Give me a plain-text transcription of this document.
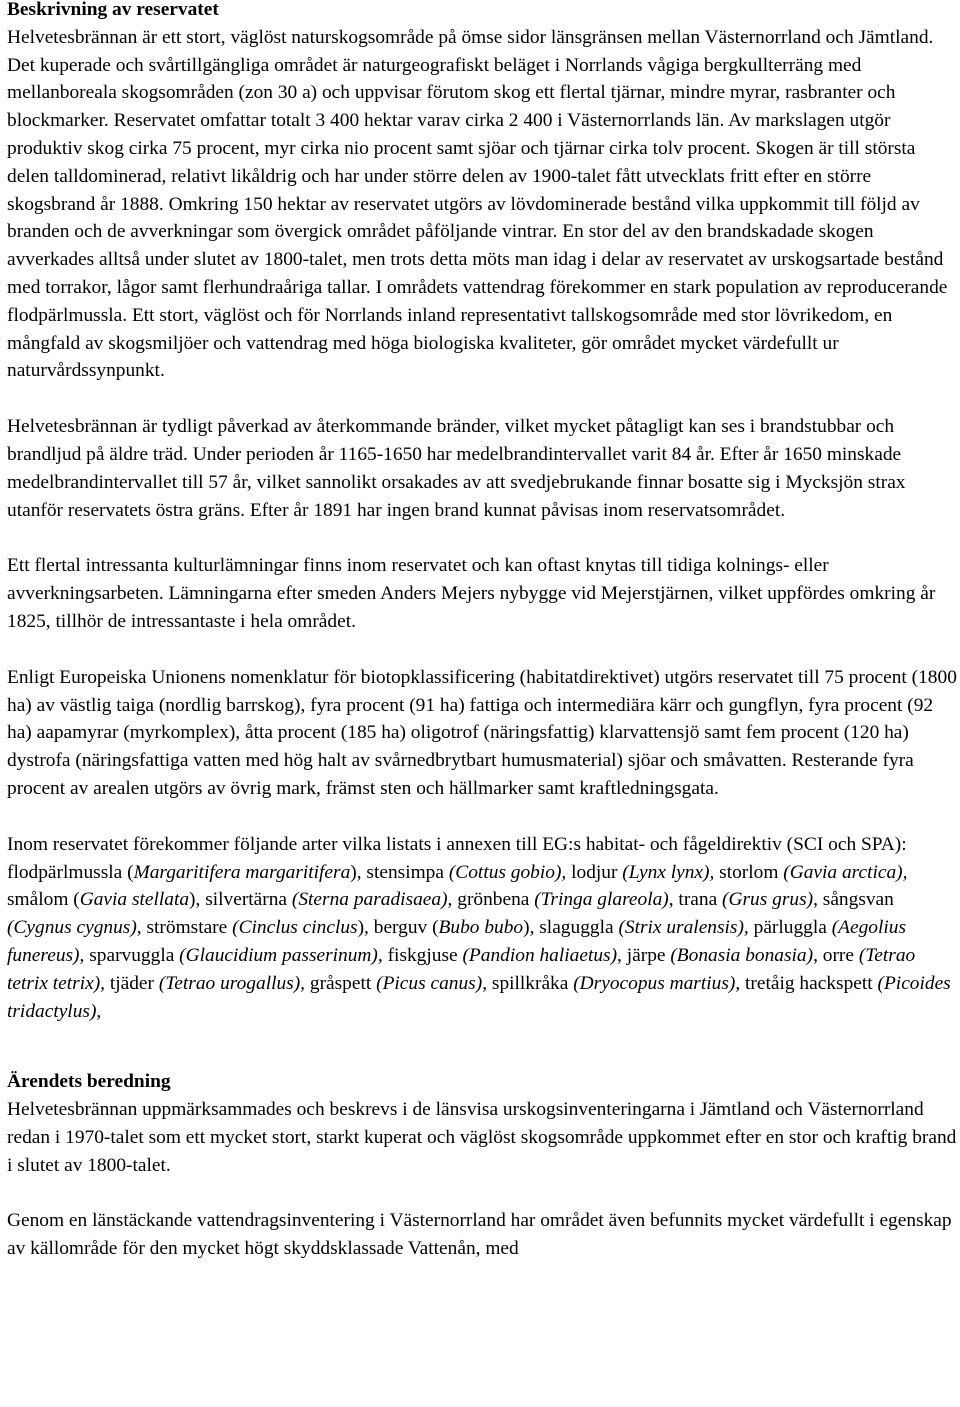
Beskrivning av reservatet

Helvetesbrännan är ett stort, väglöst naturskogsområde på ömse sidor länsgränsen mellan Västernorrland och Jämtland. Det kuperade och svårtillgängliga området är naturgeografiskt beläget i Norrlands vågiga bergkullterräng med mellanboreala skogsområden (zon 30 a) och uppvisar förutom skog ett flertal tjärnar, mindre myrar, rasbranter och blockmarker. Reservatet omfattar totalt 3 400 hektar varav cirka 2 400 i Västernorrlands län. Av markslagen utgör produktiv skog cirka 75 procent, myr cirka nio procent samt sjöar och tjärnar cirka tolv procent. Skogen är till största delen talldominerad, relativt likåldrig och har under större delen av 1900-talet fått utvecklats fritt efter en större skogsbrand år 1888. Omkring 150 hektar av reservatet utgörs av lövdominerade bestånd vilka uppkommit till följd av branden och de avverkningar som övergick området påföljande vintrar. En stor del av den brandskadade skogen avverkades alltså under slutet av 1800-talet, men trots detta möts man idag i delar av reservatet av urskogsartade bestånd med torrakor, lågor samt flerhundraåriga tallar. I områdets vattendrag förekommer en stark population av reproducerande flodpärlmussla. Ett stort, väglöst och för Norrlands inland representativt tallskogsområde med stor lövrikedom, en mångfald av skogsmiljöer och vattendrag med höga biologiska kvaliteter, gör området mycket värdefullt ur naturvårdssynpunkt.

Helvetesbrännan är tydligt påverkad av återkommande bränder, vilket mycket påtagligt kan ses i brandstubbar och brandljud på äldre träd. Under perioden år 1165-1650 har medelbrandintervallet varit 84 år. Efter år 1650 minskade medelbrandintervallet till 57 år, vilket sannolikt orsakades av att svedjebrukande finnar bosatte sig i Mycksjön strax utanför reservatets östra gräns. Efter år 1891 har ingen brand kunnat påvisas inom reservatsområdet.

Ett flertal intressanta kulturlämningar finns inom reservatet och kan oftast knytas till tidiga kolnings- eller avverkningsarbeten. Lämningarna efter smeden Anders Mejers nybygge vid Mejerstjärnen, vilket uppfördes omkring år 1825, tillhör de intressantaste i hela området.

Enligt Europeiska Unionens nomenklatur för biotopklassificering (habitatdirektivet) utgörs reservatet till 75 procent (1800 ha) av västlig taiga (nordlig barrskog), fyra procent (91 ha) fattiga och intermediära kärr och gungflyn, fyra procent (92 ha) aapamyrar (myrkomplex), åtta procent (185 ha) oligotrof (näringsfattig) klarvattensjö samt fem procent (120 ha) dystrofa (näringsfattiga vatten med hög halt av svårnedbrytbart humusmaterial) sjöar och småvatten. Resterande fyra procent av arealen utgörs av övrig mark, främst sten och hällmarker samt kraftledningsgata.

Inom reservatet förekommer följande arter vilka listats i annexen till EG:s habitat- och fågeldirektiv (SCI och SPA): flodpärlmussla (Margaritifera margaritifera), stensimpa (Cottus gobio), lodjur (Lynx lynx), storlom (Gavia arctica), smålom (Gavia stellata), silvertärna (Sterna paradisaea), grönbena (Tringa glareola), trana (Grus grus), sångsvan (Cygnus cygnus), strömstare (Cinclus cinclus), berguv (Bubo bubo), slaguggla (Strix uralensis), pärluggla (Aegolius funereus), sparvuggla (Glaucidium passerinum), fiskgjuse (Pandion haliaetus), järpe (Bonasia bonasia), orre (Tetrao tetrix tetrix), tjäder (Tetrao urogallus), gråspett (Picus canus), spillkråka (Dryocopus martius), tretåig hackspett (Picoides tridactylus),

Ärendets beredning

Helvetesbrännan uppmärksammades och beskrevs i de länsvisa urskogsinventeringarna i Jämtland och Västernorrland redan i 1970-talet som ett mycket stort, starkt kuperat och väglöst skogsområde uppkommet efter en stor och kraftig brand i slutet av 1800-talet.

Genom en länstäckande vattendragsinventering i Västernorrland har området även befunnits mycket värdefullt i egenskap av källområde för den mycket högt skyddsklassade Vattenån, med
